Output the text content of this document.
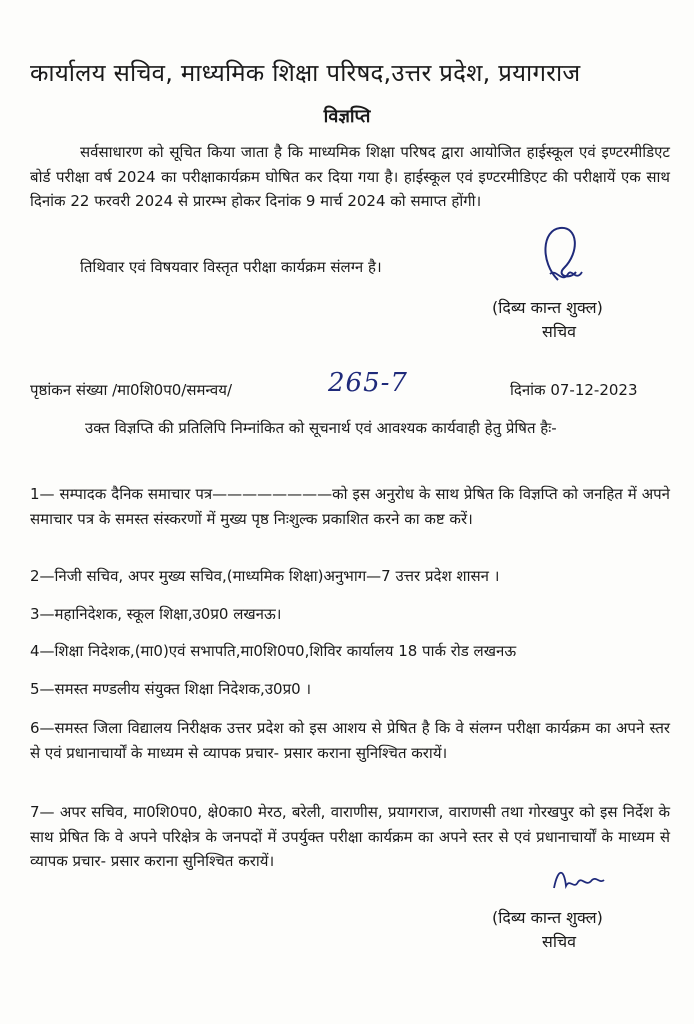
कार्यालय सचिव, माध्यमिक शिक्षा परिषद,उत्तर प्रदेश, प्रयागराज
विज्ञप्ति
सर्वसाधारण को सूचित किया जाता है कि माध्यमिक शिक्षा परिषद द्वारा आयोजित हाईस्कूल एवं इण्टरमीडिएट बोर्ड परीक्षा वर्ष 2024 का परीक्षाकार्यक्रम घोषित कर दिया गया है। हाईस्कूल एवं इण्टरमीडिएट की परीक्षायें एक साथ दिनांक 22 फरवरी 2024 से प्रारम्भ होकर दिनांक 9 मार्च 2024 को समाप्त होंगी।
तिथिवार एवं विषयवार विस्तृत परीक्षा कार्यक्रम संलग्न है।
(दिब्य कान्त शुक्ल)
सचिव
पृष्ठांकन संख्या /मा0शि0प0/समन्वय/	265-7	दिनांक 07-12-2023
उक्त विज्ञप्ति की प्रतिलिपि निम्नांकित को सूचनार्थ एवं आवश्यक कार्यवाही हेतु प्रेषित हैः-
1— सम्पादक दैनिक समाचार पत्र————————को इस अनुरोध के साथ प्रेषित कि विज्ञप्ति को जनहित में अपने समाचार पत्र के समस्त संस्करणों में मुख्य पृष्ठ निःशुल्क प्रकाशित करने का कष्ट करें।
2—निजी सचिव, अपर मुख्य सचिव,(माध्यमिक शिक्षा)अनुभाग—7 उत्तर प्रदेश शासन ।
3—महानिदेशक, स्कूल शिक्षा,उ0प्र0 लखनऊ।
4—शिक्षा निदेशक,(मा0)एवं सभापति,मा0शि0प0,शिविर कार्यालय 18 पार्क रोड लखनऊ
5—समस्त मण्डलीय संयुक्त शिक्षा निदेशक,उ0प्र0 ।
6—समस्त जिला विद्यालय निरीक्षक उत्तर प्रदेश को इस आशय से प्रेषित है कि वे संलग्न परीक्षा कार्यक्रम का अपने स्तर से एवं प्रधानाचार्यों के माध्यम से व्यापक प्रचार- प्रसार कराना सुनिश्चित करायें।
7— अपर सचिव, मा0शि0प0, क्षे0का0 मेरठ, बरेली, वाराणीस, प्रयागराज, वाराणसी तथा गोरखपुर को इस निर्देश के साथ प्रेषित कि वे अपने परिक्षेत्र के जनपदों में उपर्युक्त परीक्षा कार्यक्रम का अपने स्तर से एवं प्रधानाचार्यों के माध्यम से व्यापक प्रचार- प्रसार कराना सुनिश्चित करायें।
(दिब्य कान्त शुक्ल)
सचिव
